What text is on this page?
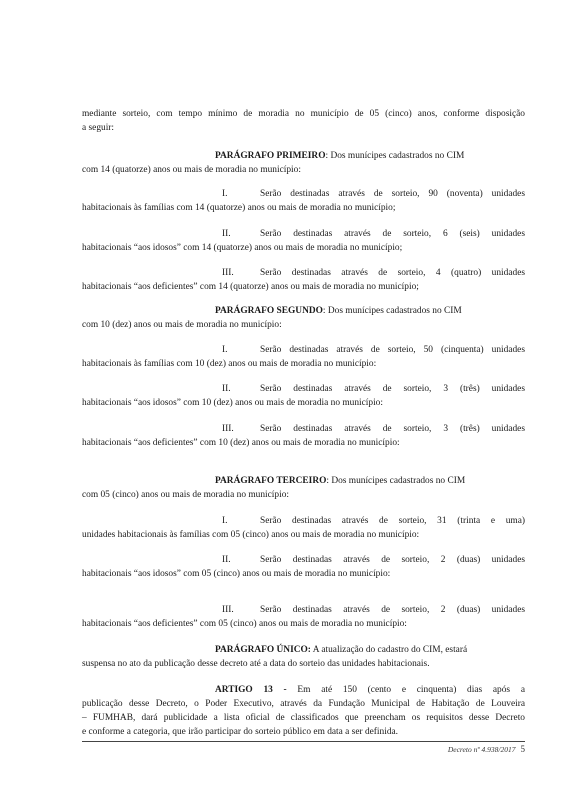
mediante sorteio, com tempo mínimo de moradia no município de 05 (cinco) anos, conforme disposição
a seguir:
PARÁGRAFO PRIMEIRO: Dos munícipes cadastrados no CIM
com 14 (quatorze) anos ou mais de moradia no município:
I.	Serão destinadas através de sorteio, 90 (noventa) unidades
habitacionais às famílias com 14 (quatorze) anos ou mais de moradia no município;
II.	Serão destinadas através de sorteio, 6 (seis) unidades
habitacionais “aos idosos” com 14 (quatorze) anos ou mais de moradia no município;
III.	Serão destinadas através de sorteio, 4 (quatro) unidades
habitacionais “aos deficientes” com 14 (quatorze) anos ou mais de moradia no município;
PARÁGRAFO SEGUNDO: Dos munícipes cadastrados no CIM
com 10 (dez) anos ou mais de moradia no município:
I.	Serão destinadas através de sorteio, 50 (cinquenta) unidades
habitacionais às famílias com 10 (dez) anos ou mais de moradia no município:
II.	Serão destinadas através de sorteio, 3 (três) unidades
habitacionais “aos idosos” com 10 (dez) anos ou mais de moradia no município:
III.	Serão destinadas através de sorteio, 3 (três) unidades
habitacionais “aos deficientes” com 10 (dez) anos ou mais de moradia no município:
PARÁGRAFO TERCEIRO: Dos munícipes cadastrados no CIM
com 05 (cinco) anos ou mais de moradia no município:
I.	Serão destinadas através de sorteio, 31 (trinta e uma)
unidades habitacionais às famílias com 05 (cinco) anos ou mais de moradia no município:
II.	Serão destinadas através de sorteio, 2 (duas) unidades
habitacionais “aos idosos” com 05 (cinco) anos ou mais de moradia no município:
III.	Serão destinadas através de sorteio, 2 (duas) unidades
habitacionais “aos deficientes” com 05 (cinco) anos ou mais de moradia no município:
PARÁGRAFO ÚNICO: A atualização do cadastro do CIM, estará
suspensa no ato da publicação desse decreto até a data do sorteio das unidades habitacionais.
ARTIGO 13 - Em até 150 (cento e cinquenta) dias após a
publicação desse Decreto, o Poder Executivo, através da Fundação Municipal de Habitação de Louveira
– FUMHAB, dará publicidade a lista oficial de classificados que preencham os requisitos desse Decreto
e conforme a categoria, que irão participar do sorteio público em data a ser definida.
Decreto nº 4.938/2017 5
